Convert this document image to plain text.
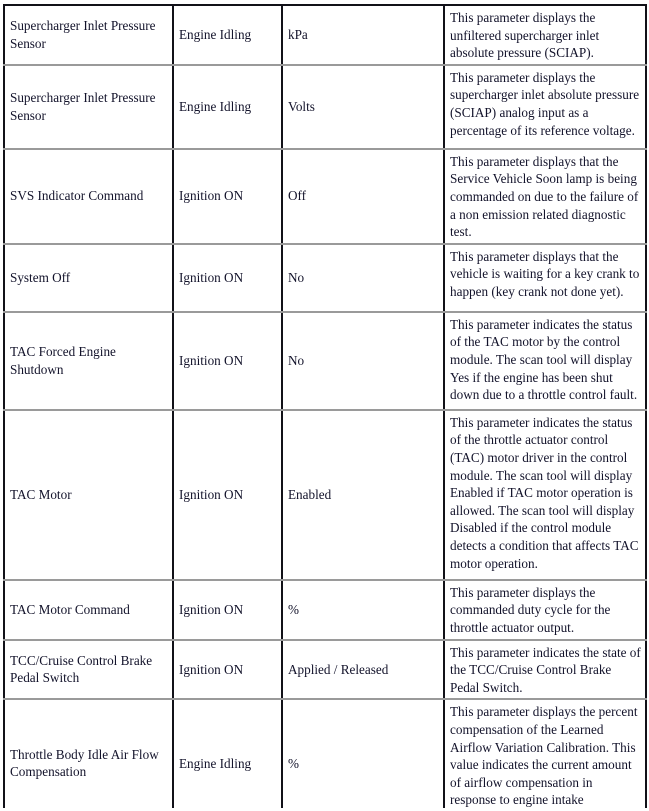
Supercharger Inlet Pressure Sensor	Engine Idling	kPa	This parameter displays the unfiltered supercharger inlet absolute pressure (SCIAP).

Supercharger Inlet Pressure Sensor	Engine Idling	Volts	This parameter displays the supercharger inlet absolute pressure (SCIAP) analog input as a percentage of its reference voltage.

SVS Indicator Command	Ignition ON	Off	This parameter displays that the Service Vehicle Soon lamp is being commanded on due to the failure of a non emission related diagnostic test.

System Off	Ignition ON	No	This parameter displays that the vehicle is waiting for a key crank to happen (key crank not done yet).

TAC Forced Engine Shutdown	Ignition ON	No	This parameter indicates the status of the TAC motor by the control module. The scan tool will display Yes if the engine has been shut down due to a throttle control fault.

TAC Motor	Ignition ON	Enabled	This parameter indicates the status of the throttle actuator control (TAC) motor driver in the control module. The scan tool will display Enabled if TAC motor operation is allowed. The scan tool will display Disabled if the control module detects a condition that affects TAC motor operation.

TAC Motor Command	Ignition ON	%	This parameter displays the commanded duty cycle for the throttle actuator output.

TCC/Cruise Control Brake Pedal Switch	Ignition ON	Applied / Released	This parameter indicates the state of the TCC/Cruise Control Brake Pedal Switch.

Throttle Body Idle Air Flow Compensation	Engine Idling	%	This parameter displays the percent compensation of the Learned Airflow Variation Calibration. This value indicates the current amount of airflow compensation in response to engine intake
